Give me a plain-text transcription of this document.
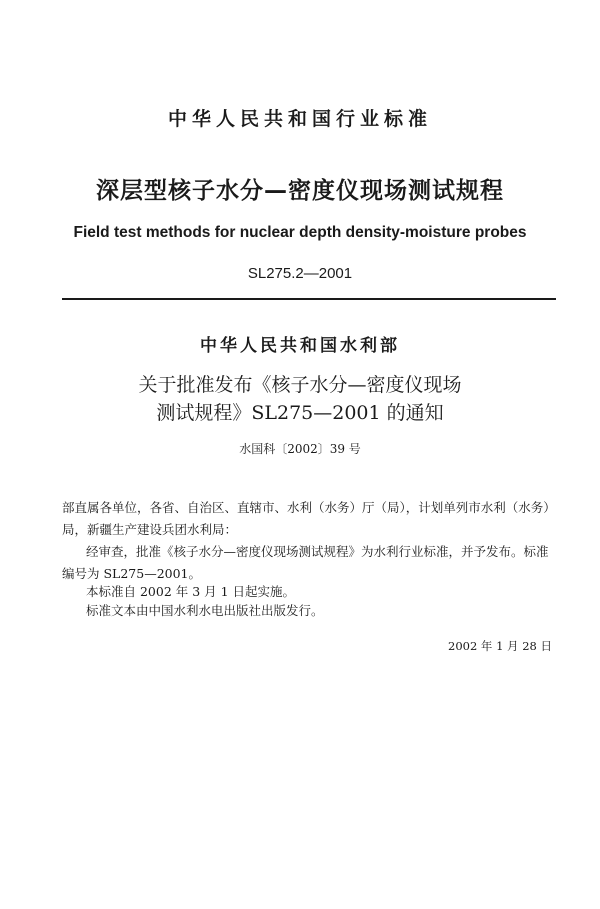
中华人民共和国行业标准
深层型核子水分—密度仪现场测试规程
Field test methods for nuclear depth density-moisture probes
SL275.2—2001
中华人民共和国水利部
关于批准发布《核子水分—密度仪现场
测试规程》SL275—2001 的通知
水国科〔2002〕39 号
部直属各单位，各省、自治区、直辖市、水利（水务）厅（局），计划单列市水利（水务）
局，新疆生产建设兵团水利局：
经审查，批准《核子水分—密度仪现场测试规程》为水利行业标准，并予发布。标准
编号为 SL275—2001。
本标准自 2002 年 3 月 1 日起实施。
标准文本由中国水利水电出版社出版发行。
2002 年 1 月 28 日
